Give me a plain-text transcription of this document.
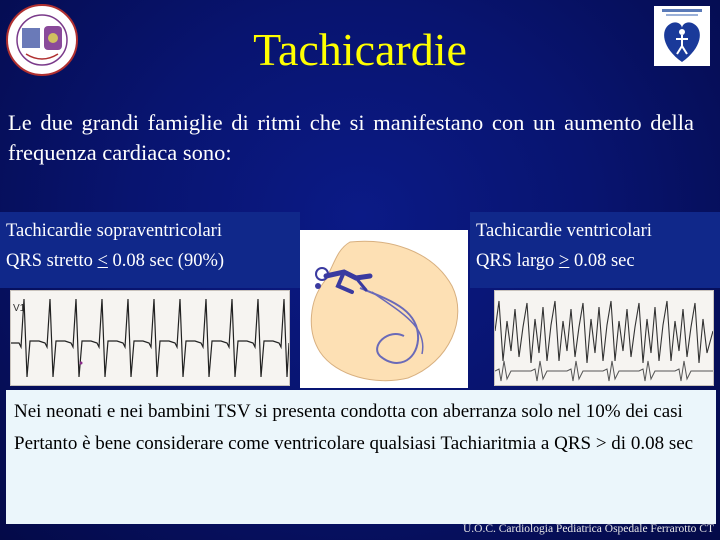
Tachicardie
Le due grandi famiglie di ritmi che si manifestano con un aumento della frequenza cardiaca sono:
Tachicardie sopraventricolari
QRS stretto ≤ 0.08 sec (90%)
Tachicardie ventricolari
QRS largo ≥ 0.08 sec
V1

Nei neonati e nei bambini TSV si presenta condotta con aberranza solo nel 10% dei casi

Pertanto è bene considerare come ventricolare qualsiasi Tachiaritmia a QRS > di 0.08 sec

U.O.C. Cardiologia Pediatrica Ospedale Ferrarotto CT
